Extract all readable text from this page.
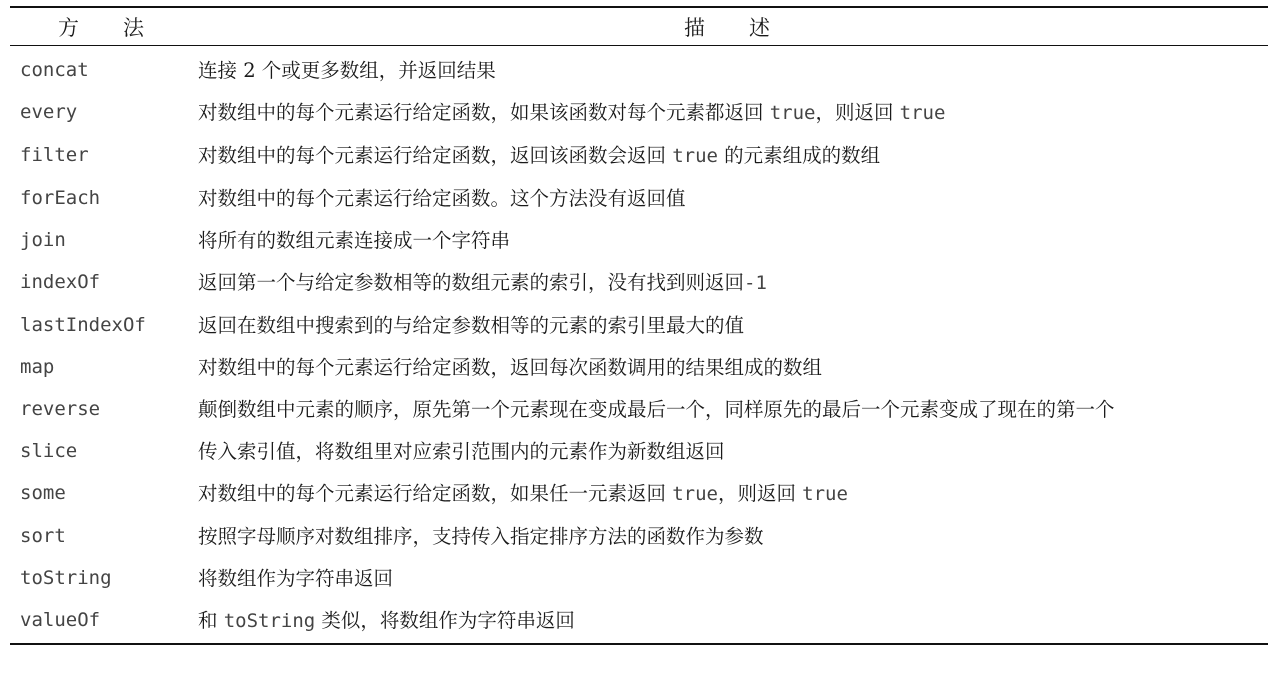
方 法	描 述
concat	连接 2 个或更多数组，并返回结果
every	对数组中的每个元素运行给定函数，如果该函数对每个元素都返回 true，则返回 true
filter	对数组中的每个元素运行给定函数，返回该函数会返回 true 的元素组成的数组
forEach	对数组中的每个元素运行给定函数。这个方法没有返回值
join	将所有的数组元素连接成一个字符串
indexOf	返回第一个与给定参数相等的数组元素的索引，没有找到则返回-1
lastIndexOf	返回在数组中搜索到的与给定参数相等的元素的索引里最大的值
map	对数组中的每个元素运行给定函数，返回每次函数调用的结果组成的数组
reverse	颠倒数组中元素的顺序，原先第一个元素现在变成最后一个，同样原先的最后一个元素变成了现在的第一个
slice	传入索引值，将数组里对应索引范围内的元素作为新数组返回
some	对数组中的每个元素运行给定函数，如果任一元素返回 true，则返回 true
sort	按照字母顺序对数组排序，支持传入指定排序方法的函数作为参数
toString	将数组作为字符串返回
valueOf	和 toString 类似，将数组作为字符串返回
